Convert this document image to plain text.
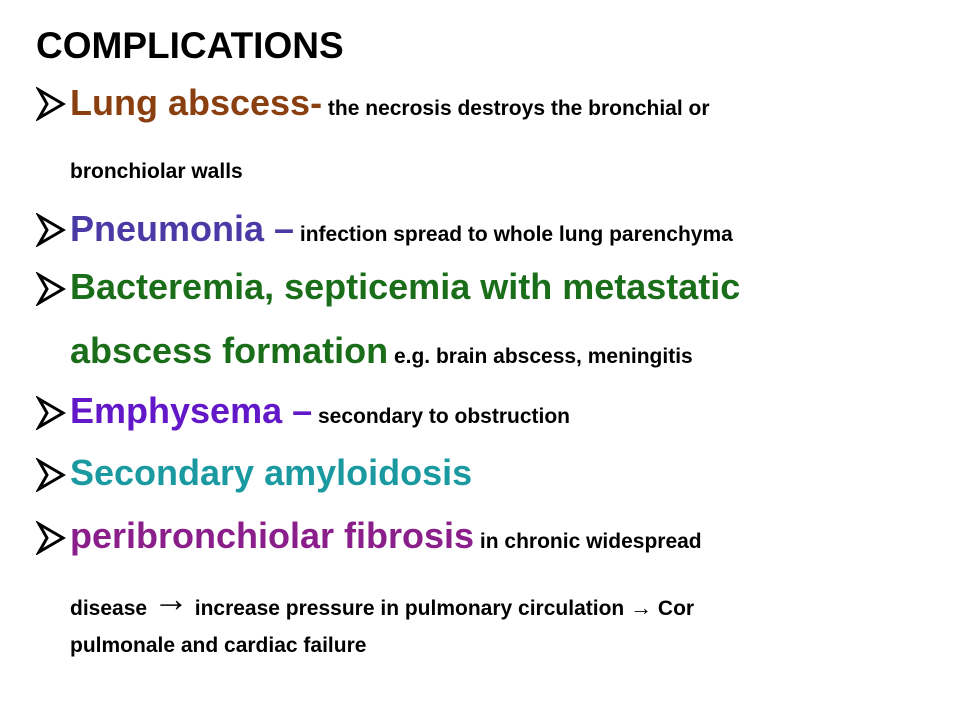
COMPLICATIONS
Lung abscess- the necrosis destroys the bronchial or
bronchiolar walls
Pneumonia – infection spread to whole lung parenchyma
Bacteremia, septicemia with metastatic
abscess formation e.g. brain abscess, meningitis
Emphysema – secondary to obstruction
Secondary amyloidosis
peribronchiolar fibrosis in chronic widespread
disease → increase pressure in pulmonary circulation → Cor
pulmonale and cardiac failure
